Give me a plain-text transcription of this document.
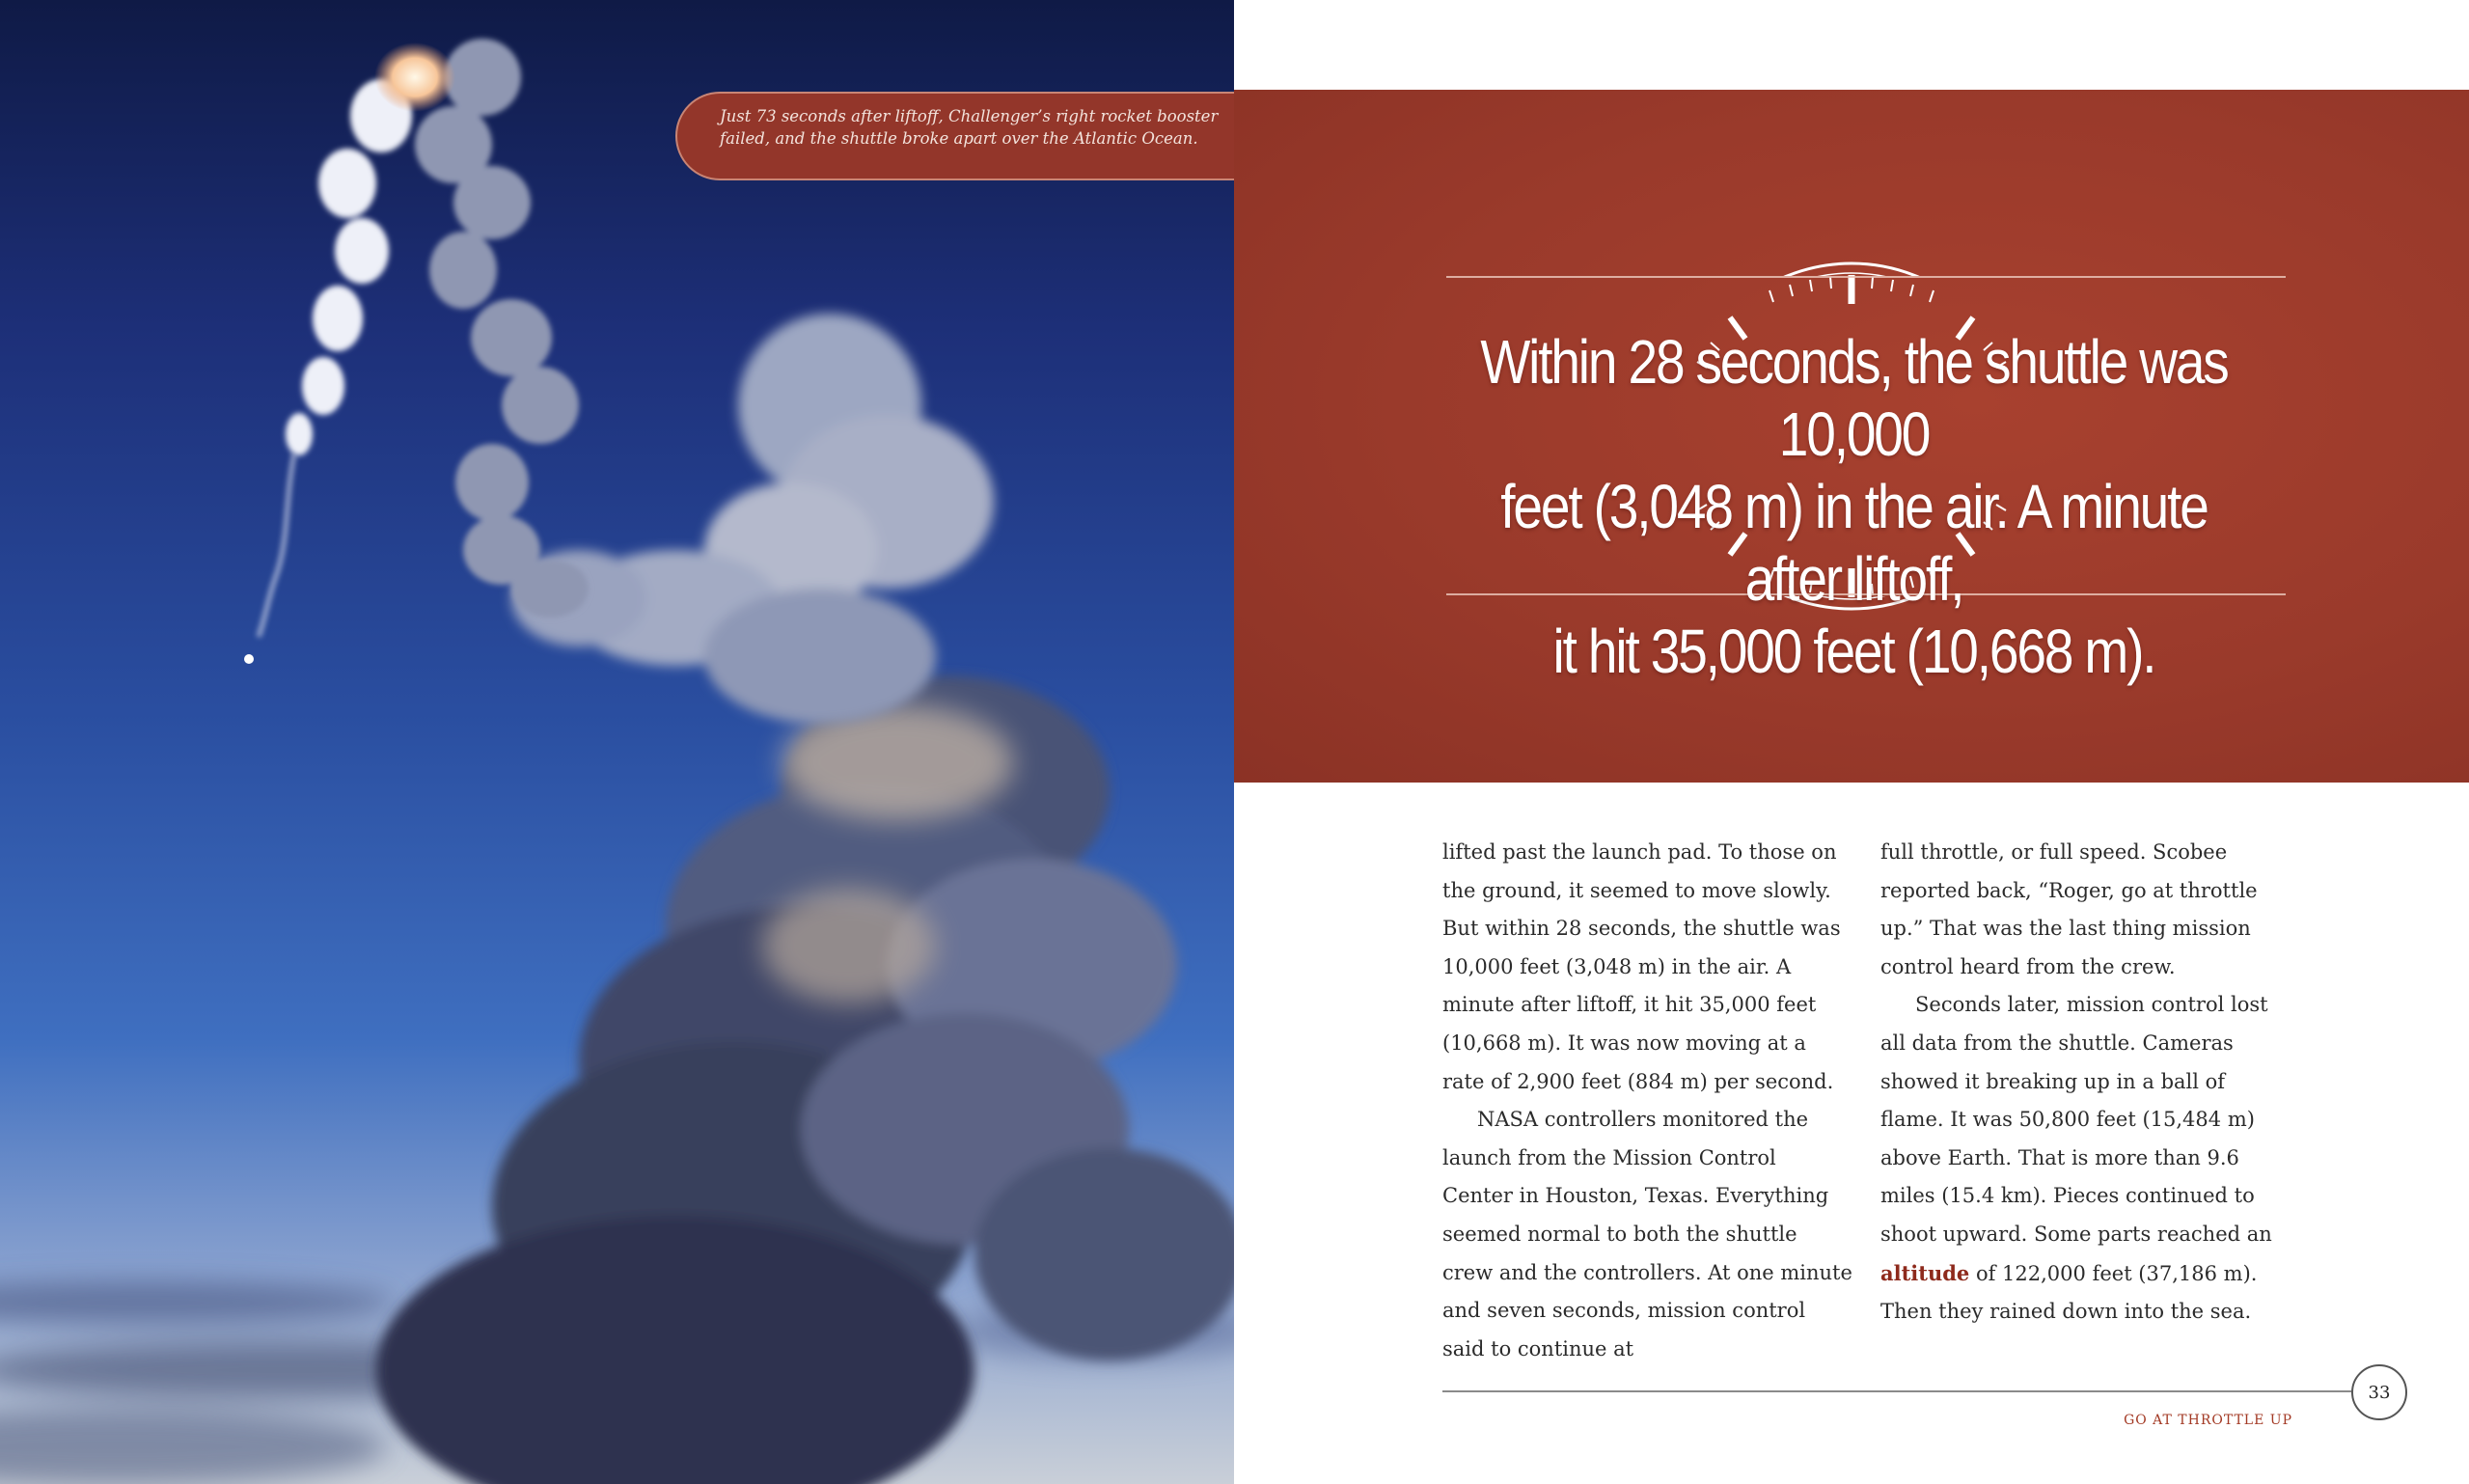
Just 73 seconds after liftoff, Challenger’s right rocket booster failed, and the shuttle broke apart over the Atlantic Ocean.
Within 28 seconds, the shuttle was 10,000
feet (3,048 m) in the air. A minute after liftoff,
it hit 35,000 feet (10,668 m).

lifted past the launch pad. To those on the ground, it seemed to move slowly. But within 28 seconds, the shuttle was 10,000 feet (3,048 m) in the air. A minute after liftoff, it hit 35,000 feet (10,668 m). It was now moving at a rate of 2,900 feet (884 m) per second.

NASA controllers monitored the launch from the Mission Control Center in Houston, Texas. Everything seemed normal to both the shuttle crew and the controllers. At one minute and seven seconds, mission control said to continue at

full throttle, or full speed. Scobee reported back, “Roger, go at throttle up.” That was the last thing mission control heard from the crew.

Seconds later, mission control lost all data from the shuttle. Cameras showed it breaking up in a ball of flame. It was 50,800 feet (15,484 m) above Earth. That is more than 9.6 miles (15.4 km). Pieces continued to shoot upward. Some parts reached an altitude of 122,000 feet (37,186 m). Then they rained down into the sea.

33
GO AT THROTTLE UP
